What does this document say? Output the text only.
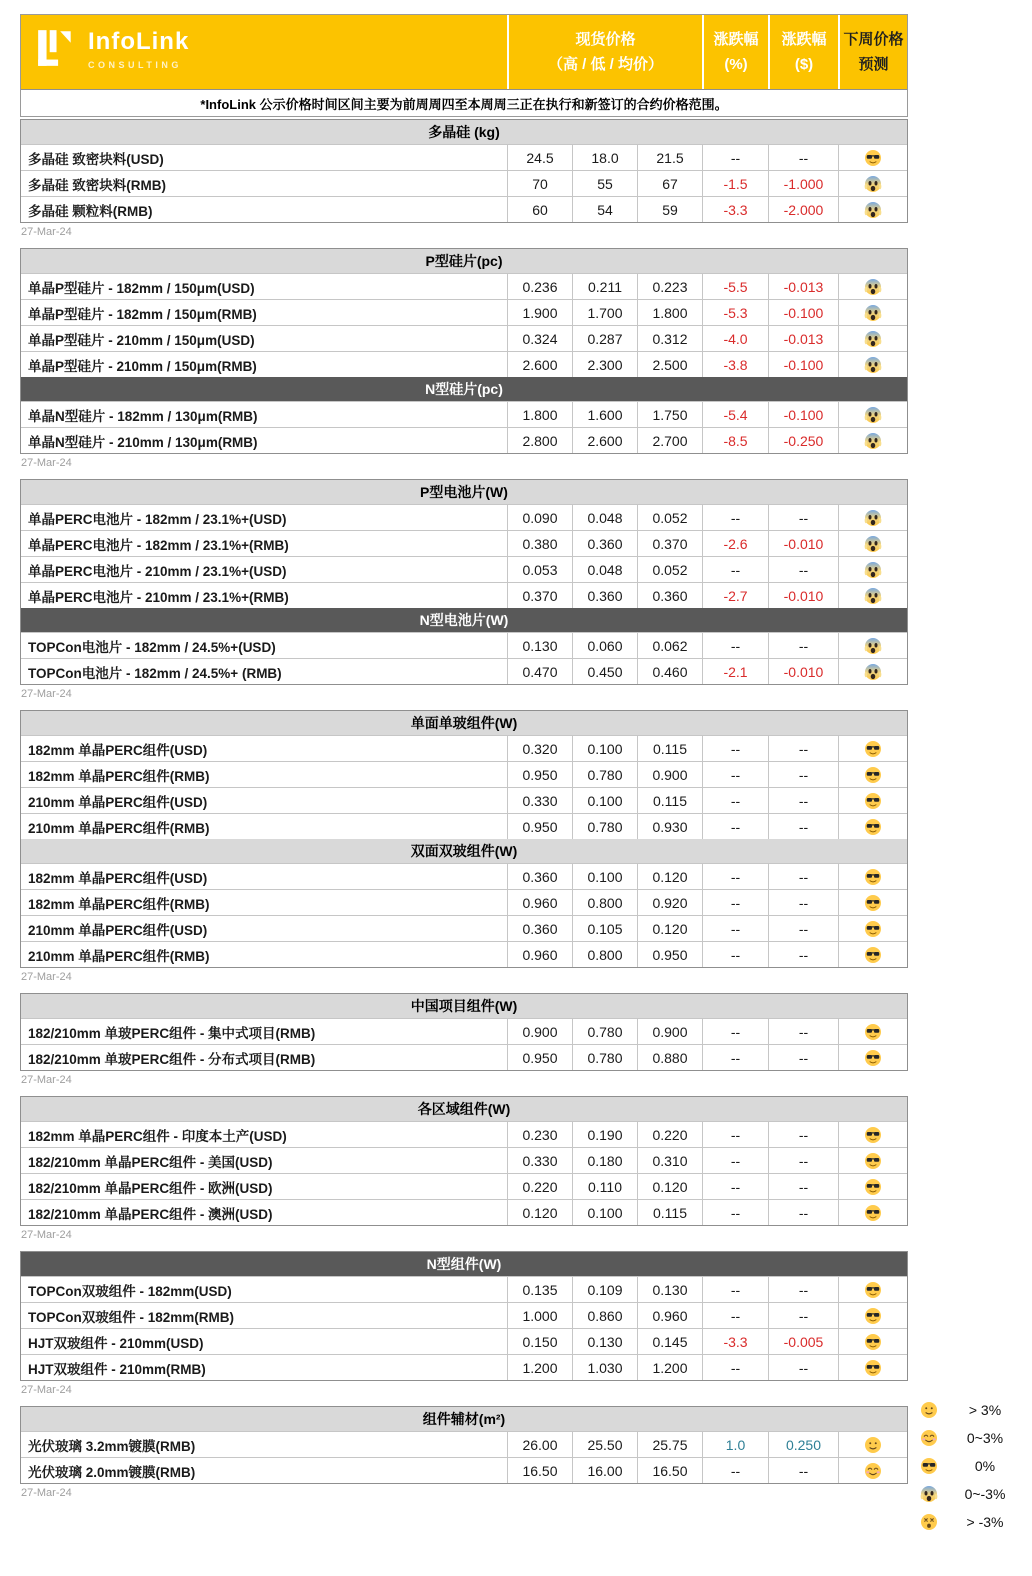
InfoLink
CONSULTING
现货价格
（高 / 低 / 均价）
涨跌幅
(%)
涨跌幅
($)
下周价格
预测
*InfoLink 公示价格时间区间主要为前周周四至本周周三正在执行和新签订的合约价格范围。
多晶硅 (kg)
多晶硅 致密块料(USD)	24.5	18.0	21.5	--	--
多晶硅 致密块料(RMB)	70	55	67	-1.5	-1.000
多晶硅 颗粒料(RMB)	60	54	59	-3.3	-2.000
27-Mar-24
P型硅片(pc)
单晶P型硅片 - 182mm / 150μm(USD)	0.236	0.211	0.223	-5.5	-0.013
单晶P型硅片 - 182mm / 150μm(RMB)	1.900	1.700	1.800	-5.3	-0.100
单晶P型硅片 - 210mm / 150μm(USD)	0.324	0.287	0.312	-4.0	-0.013
单晶P型硅片 - 210mm / 150μm(RMB)	2.600	2.300	2.500	-3.8	-0.100
N型硅片(pc)
单晶N型硅片 - 182mm / 130μm(RMB)	1.800	1.600	1.750	-5.4	-0.100
单晶N型硅片 - 210mm / 130μm(RMB)	2.800	2.600	2.700	-8.5	-0.250
27-Mar-24
P型电池片(W)
单晶PERC电池片 - 182mm / 23.1%+(USD)	0.090	0.048	0.052	--	--
单晶PERC电池片 - 182mm / 23.1%+(RMB)	0.380	0.360	0.370	-2.6	-0.010
单晶PERC电池片 - 210mm / 23.1%+(USD)	0.053	0.048	0.052	--	--
单晶PERC电池片 - 210mm / 23.1%+(RMB)	0.370	0.360	0.360	-2.7	-0.010
N型电池片(W)
TOPCon电池片 - 182mm / 24.5%+(USD)	0.130	0.060	0.062	--	--
TOPCon电池片 - 182mm / 24.5%+ (RMB)	0.470	0.450	0.460	-2.1	-0.010
27-Mar-24
单面单玻组件(W)
182mm 单晶PERC组件(USD)	0.320	0.100	0.115	--	--
182mm 单晶PERC组件(RMB)	0.950	0.780	0.900	--	--
210mm 单晶PERC组件(USD)	0.330	0.100	0.115	--	--
210mm 单晶PERC组件(RMB)	0.950	0.780	0.930	--	--
双面双玻组件(W)
182mm 单晶PERC组件(USD)	0.360	0.100	0.120	--	--
182mm 单晶PERC组件(RMB)	0.960	0.800	0.920	--	--
210mm 单晶PERC组件(USD)	0.360	0.105	0.120	--	--
210mm 单晶PERC组件(RMB)	0.960	0.800	0.950	--	--
27-Mar-24
中国项目组件(W)
182/210mm 单玻PERC组件 - 集中式项目(RMB)	0.900	0.780	0.900	--	--
182/210mm 单玻PERC组件 - 分布式项目(RMB)	0.950	0.780	0.880	--	--
27-Mar-24
各区域组件(W)
182mm 单晶PERC组件 - 印度本土产(USD)	0.230	0.190	0.220	--	--
182/210mm 单晶PERC组件 - 美国(USD)	0.330	0.180	0.310	--	--
182/210mm 单晶PERC组件 - 欧洲(USD)	0.220	0.110	0.120	--	--
182/210mm 单晶PERC组件 - 澳洲(USD)	0.120	0.100	0.115	--	--
27-Mar-24
N型组件(W)
TOPCon双玻组件 - 182mm(USD)	0.135	0.109	0.130	--	--
TOPCon双玻组件 - 182mm(RMB)	1.000	0.860	0.960	--	--
HJT双玻组件 - 210mm(USD)	0.150	0.130	0.145	-3.3	-0.005
HJT双玻组件 - 210mm(RMB)	1.200	1.030	1.200	--	--
27-Mar-24
组件辅材(m²)
光伏玻璃 3.2mm镀膜(RMB)	26.00	25.50	25.75	1.0	0.250
光伏玻璃 2.0mm镀膜(RMB)	16.50	16.00	16.50	--	--
27-Mar-24
> 3%
0~3%
0%
0~-3%
> -3%
